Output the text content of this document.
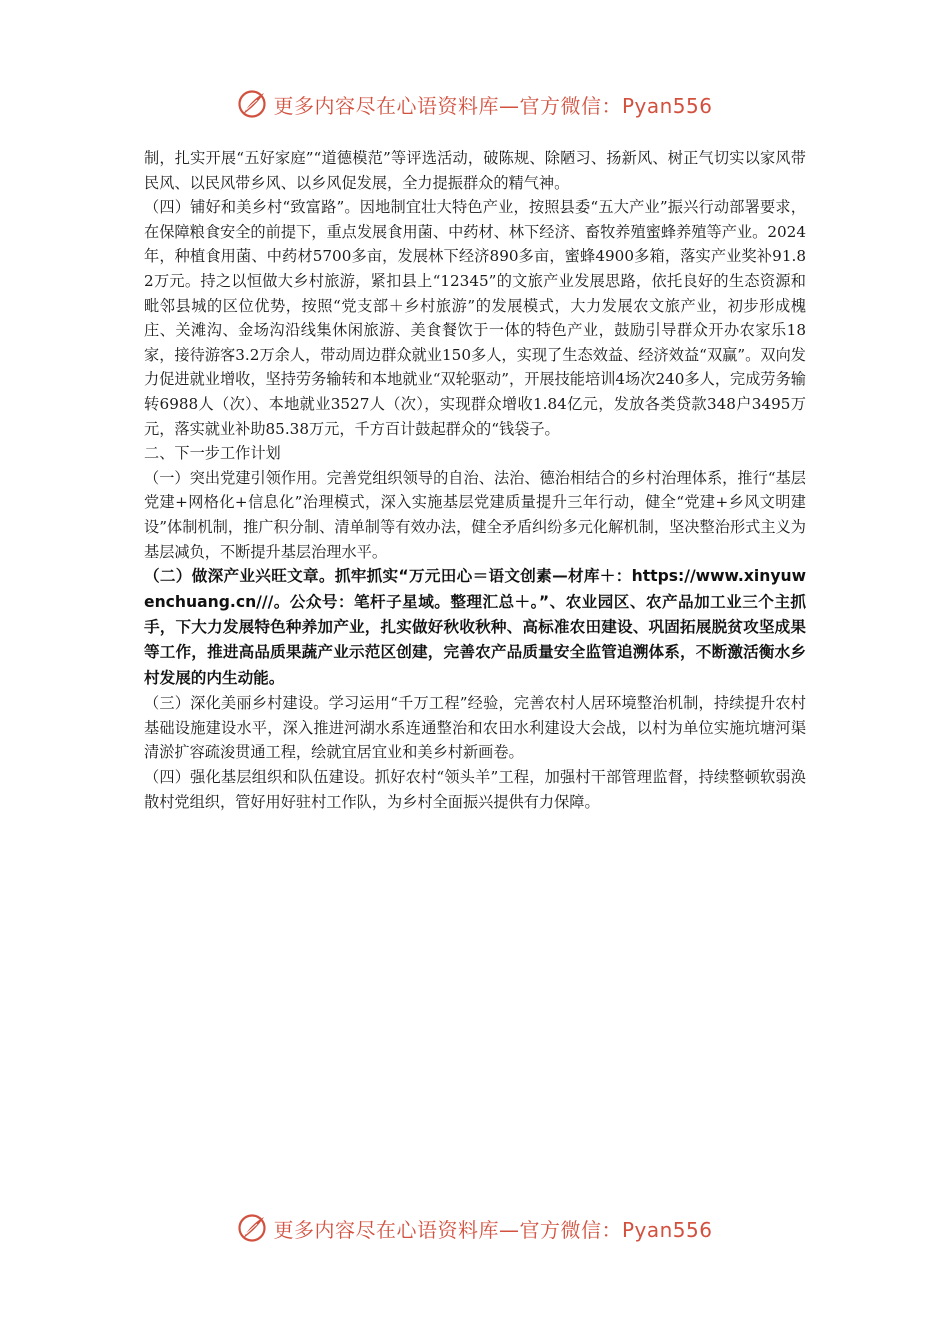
更多内容尽在心语资料库—官方微信：Pyan556

制，扎实开展“五好家庭”“道德模范”等评选活动，破陈规、除陋习、扬新风、树正气切实以家风带民风、以民风带乡风、以乡风促发展，全力提振群众的精气神。

（四）铺好和美乡村“致富路”。因地制宜壮大特色产业，按照县委“五大产业”振兴行动部署要求，在保障粮食安全的前提下，重点发展食用菌、中药材、林下经济、畜牧养殖蜜蜂养殖等产业。2024年，种植食用菌、中药材5700多亩，发展林下经济890多亩，蜜蜂4900多箱，落实产业奖补91.82万元。持之以恒做大乡村旅游，紧扣县上“12345”的文旅产业发展思路，依托良好的生态资源和毗邻县城的区位优势，按照“党支部＋乡村旅游”的发展模式，大力发展农文旅产业，初步形成槐庄、关滩沟、金场沟沿线集休闲旅游、美食餐饮于一体的特色产业，鼓励引导群众开办农家乐18家，接待游客3.2万余人，带动周边群众就业150多人，实现了生态效益、经济效益“双赢”。双向发力促进就业增收，坚持劳务输转和本地就业“双轮驱动”，开展技能培训4场次240多人，完成劳务输转6988人（次）、本地就业3527人（次），实现群众增收1.84亿元，发放各类贷款348户3495万元，落实就业补助85.38万元，千方百计鼓起群众的“钱袋子。

二、下一步工作计划

（一）突出党建引领作用。完善党组织领导的自治、法治、德治相结合的乡村治理体系，推行“基层党建+网格化+信息化”治理模式，深入实施基层党建质量提升三年行动，健全“党建+乡风文明建设”体制机制，推广积分制、清单制等有效办法，健全矛盾纠纷多元化解机制，坚决整治形式主义为基层减负，不断提升基层治理水平。

（二）做深产业兴旺文章。抓牢抓实“万元田心＝语文创素—材库＋：https://www.xinyuwenchuang.cn///。公众号：笔杆子星域。整理汇总＋。”、农业园区、农产品加工业三个主抓手，下大力发展特色种养加产业，扎实做好秋收秋种、高标准农田建设、巩固拓展脱贫攻坚成果等工作，推进高品质果蔬产业示范区创建，完善农产品质量安全监管追溯体系，不断激活衡水乡村发展的内生动能。

（三）深化美丽乡村建设。学习运用“千万工程”经验，完善农村人居环境整治机制，持续提升农村基础设施建设水平，深入推进河湖水系连通整治和农田水利建设大会战，以村为单位实施坑塘河渠清淤扩容疏浚贯通工程，绘就宜居宜业和美乡村新画卷。

（四）强化基层组织和队伍建设。抓好农村“领头羊”工程，加强村干部管理监督，持续整顿软弱涣散村党组织，管好用好驻村工作队，为乡村全面振兴提供有力保障。

更多内容尽在心语资料库—官方微信：Pyan556
